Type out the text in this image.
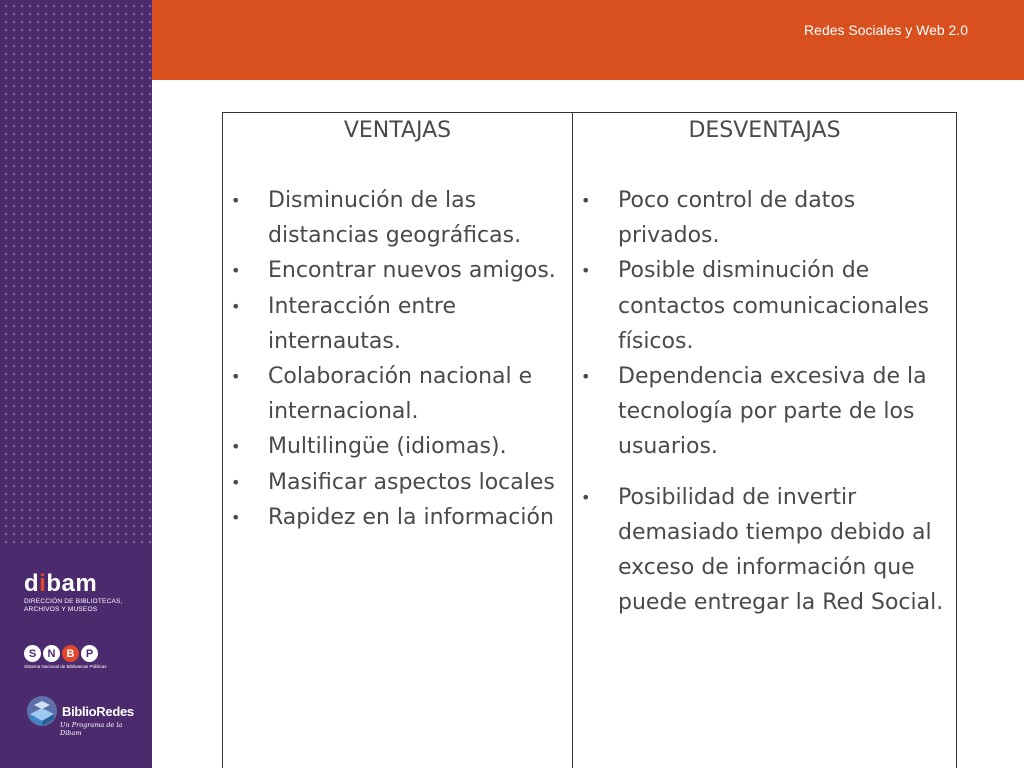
Redes Sociales y Web 2.0
dibam
DIRECCIÓN DE BIBLIOTECAS,
ARCHIVOS Y MUSEOS
S	N	B	P
Sistema Nacional de Bibliotecas Públicas
BiblioRedes
Un Programa de la Dibam
VENTAJAS
• Disminución de las distancias geográficas.
• Encontrar nuevos amigos.
• Interacción entre internautas.
• Colaboración nacional e internacional.
• Multilingüe (idiomas).
• Masificar aspectos locales
• Rapidez en la información
DESVENTAJAS
• Poco control de datos privados.
• Posible disminución de contactos comunicacionales físicos.
• Dependencia excesiva de la tecnología por parte de los usuarios.
• Posibilidad de invertir demasiado tiempo debido al exceso de información que puede entregar la Red Social.
